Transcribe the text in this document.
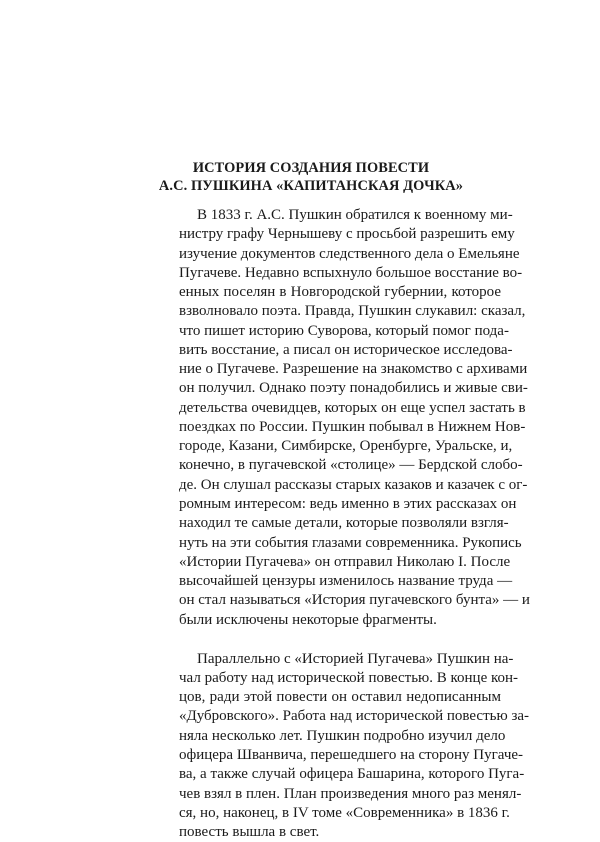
ИСТОРИЯ СОЗДАНИЯ ПОВЕСТИ
А.С. ПУШКИНА «КАПИТАНСКАЯ ДОЧКА»
В 1833 г. А.С. Пушкин обратился к военному ми-
нистру графу Чернышеву с просьбой разрешить ему
изучение документов следственного дела о Емельяне
Пугачеве. Недавно вспыхнуло большое восстание во-
енных поселян в Новгородской губернии, которое
взволновало поэта. Правда, Пушкин слукавил: сказал,
что пишет историю Суворова, который помог пода-
вить восстание, а писал он историческое исследова-
ние о Пугачеве. Разрешение на знакомство с архивами
он получил. Однако поэту понадобились и живые сви-
детельства очевидцев, которых он еще успел застать в
поездках по России. Пушкин побывал в Нижнем Нов-
городе, Казани, Симбирске, Оренбурге, Уральске, и,
конечно, в пугачевской «столице» — Бердской слобо-
де. Он слушал рассказы старых казаков и казачек с ог-
ромным интересом: ведь именно в этих рассказах он
находил те самые детали, которые позволяли взгля-
нуть на эти события глазами современника. Рукопись
«Истории Пугачева» он отправил Николаю I. После
высочайшей цензуры изменилось название труда —
он стал называться «История пугачевского бунта» — и
были исключены некоторые фрагменты.
Параллельно с «Историей Пугачева» Пушкин на-
чал работу над исторической повестью. В конце кон-
цов, ради этой повести он оставил недописанным
«Дубровского». Работа над исторической повестью за-
няла несколько лет. Пушкин подробно изучил дело
офицера Шванвича, перешедшего на сторону Пугаче-
ва, а также случай офицера Башарина, которого Пуга-
чев взял в плен. План произведения много раз менял-
ся, но, наконец, в IV томе «Современника» в 1836 г.
повесть вышла в свет.
